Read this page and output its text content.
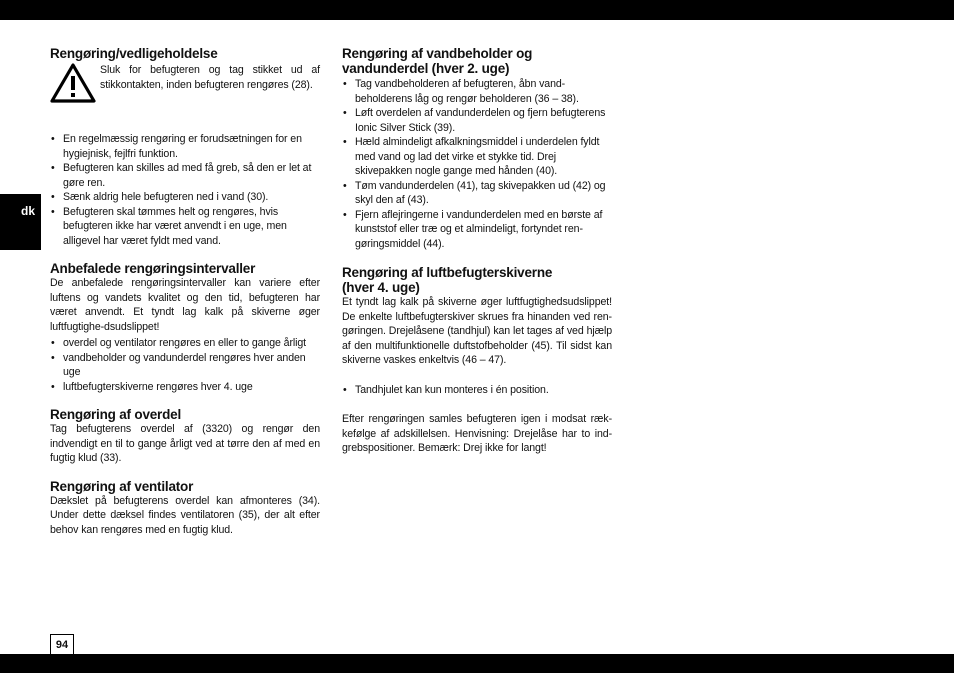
dk
Rengøring/vedligeholdelse

Sluk for befugteren og tag stikket ud af stikkontakten, inden befugteren rengøres (28).

• En regelmæssig rengøring er forudsætningen for en hygiejnisk, fejlfri funktion.
• Befugteren kan skilles ad med få greb, så den er let at gøre ren.
• Sænk aldrig hele befugteren ned i vand (30).
• Befugteren skal tømmes helt og rengøres, hvis befugteren ikke har været anvendt i en uge, men alligevel har været fyldt med vand.
Anbefalede rengøringsintervaller

De anbefalede rengøringsintervaller kan variere efter luftens og vandets kvalitet og den tid, befugteren har været anvendt. Et tyndt lag kalk på skiverne øger luftfugtighe-dsudslippet!

• overdel og ventilator rengøres en eller to gange årligt
• vandbeholder og vandunderdel rengøres hver anden uge
• luftbefugterskiverne rengøres hver 4. uge
Rengøring af overdel

Tag befugterens overdel af (3320) og rengør den indvendigt en til to gange årligt ved at tørre den af med en fugtig klud (33).

Rengøring af ventilator

Dækslet på befugterens overdel kan afmonteres (34). Under dette dæksel findes ventilatoren (35), der alt efter behov kan rengøres med en fugtig klud.

Rengøring af vandbeholder og
vandunderdel (hver 2. uge)
• Tag vandbeholderen af befugteren, åbn vand-beholderens låg og rengør beholderen (36 – 38).
• Løft overdelen af vandunderdelen og fjern befugterens Ionic Silver Stick (39).
• Hæld almindeligt afkalkningsmiddel i underdelen fyldt med vand og lad det virke et stykke tid. Drej skivepakken nogle gange med hånden (40).
• Tøm vandunderdelen (41), tag skivepakken ud (42) og skyl den af (43).
• Fjern aflejringerne i vandunderdelen med en børste af kunststof eller træ og et almindeligt, fortyndet ren-gøringsmiddel (44).
Rengøring af luftbefugterskiverne
(hver 4. uge)

Et tyndt lag kalk på skiverne øger luftfugtighedsudslippet! De enkelte luftbefugterskiver skrues fra hinanden ved ren-gøringen. Drejelåsene (tandhjul) kan let tages af ved hjælp af den multifunktionelle duftstofbeholder (45). Til sidst kan skiverne vaskes enkeltvis (46 – 47).

• Tandhjulet kan kun monteres i én position.

Efter rengøringen samles befugteren igen i modsat ræk-kefølge af adskillelsen. Henvisning: Drejelåse har to ind-grebspositioner. Bemærk: Drej ikke for langt!

94
